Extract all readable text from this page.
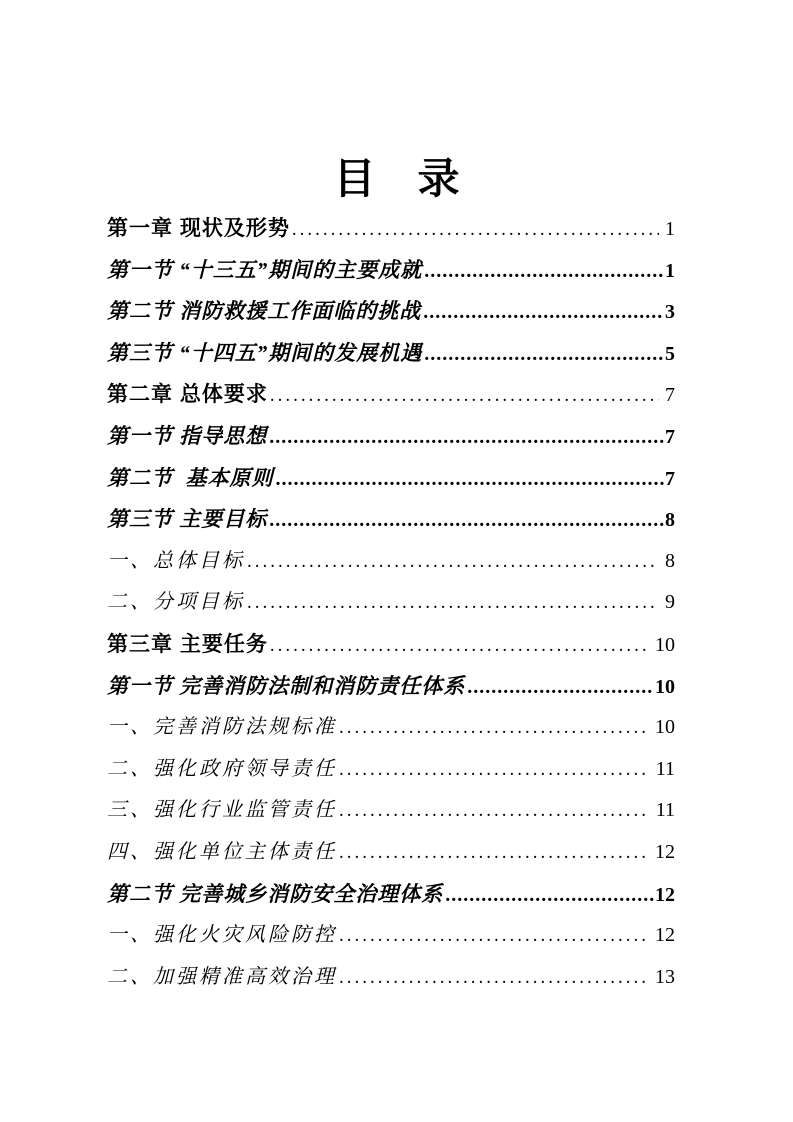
目　录
第一章 现状及形势 .....	1
第一节 “十三五”期间的主要成就 .....	1
第二节 消防救援工作面临的挑战 .....	3
第三节 “十四五”期间的发展机遇 .....	5
第二章 总体要求 .....	7
第一节 指导思想 .....	7
第二节  基本原则 .....	7
第三节 主要目标 .....	8
一、总体目标 .....	8
二、分项目标 .....	9
第三章 主要任务 .....	10
第一节 完善消防法制和消防责任体系 .....	10
一、完善消防法规标准 .....	10
二、强化政府领导责任 .....	11
三、强化行业监管责任 .....	11
四、强化单位主体责任 .....	12
第二节 完善城乡消防安全治理体系 .....	12
一、强化火灾风险防控 .....	12
二、加强精准高效治理 .....	13
